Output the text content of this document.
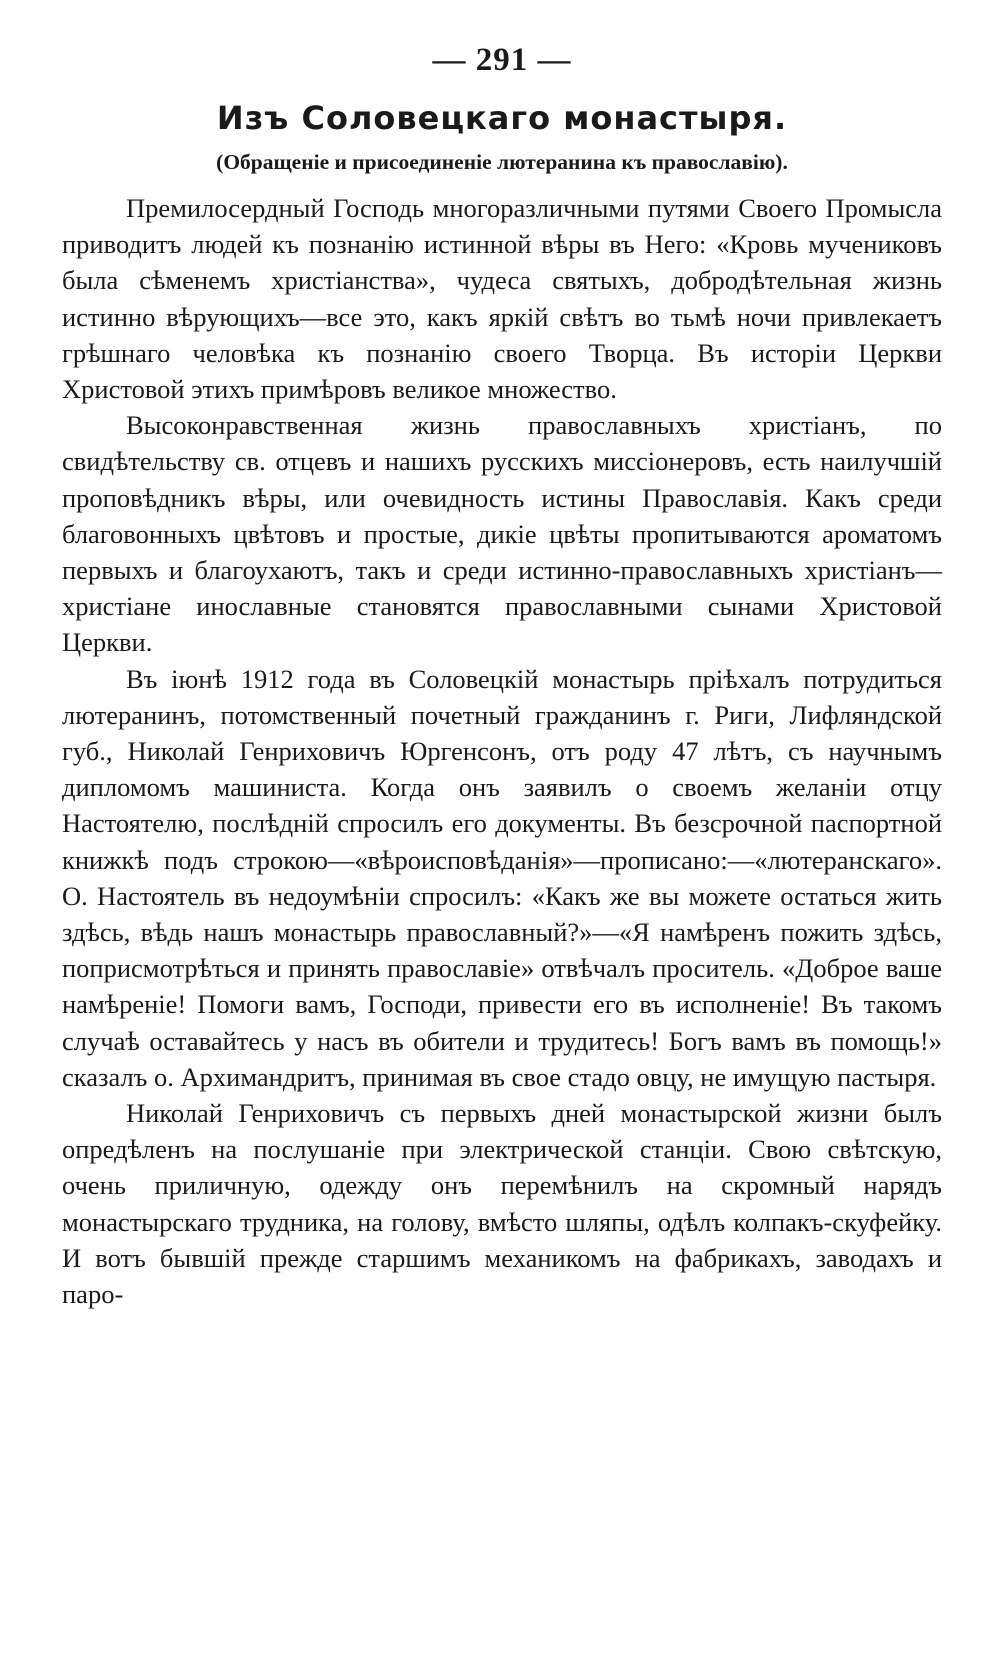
— 291 —
Изъ Соловецкаго монастыря.
(Обращеніе и присоединеніе лютеранина къ православію).

Премилосердный Господь многоразличными путями Своего Промысла приводитъ людей къ познанію истинной вѣры въ Него: «Кровь мучениковъ была сѣменемъ христіанства», чудеса святыхъ, добродѣтельная жизнь истинно вѣрующихъ—все это, какъ яркій свѣтъ во тьмѣ ночи привлекаетъ грѣшнаго человѣка къ познанію своего Творца. Въ исторіи Церкви Христовой этихъ примѣровъ великое множество.

Высоконравственная жизнь православныхъ христіанъ, по свидѣтельству св. отцевъ и нашихъ русскихъ миссіонеровъ, есть наилучшій проповѣдникъ вѣры, или очевидность истины Православія. Какъ среди благовонныхъ цвѣтовъ и простые, дикіе цвѣты пропитываются ароматомъ первыхъ и благоухаютъ, такъ и среди истинно-православныхъ христіанъ—христіане инославные становятся православными сынами Христовой Церкви.

Въ іюнѣ 1912 года въ Соловецкій монастырь пріѣхалъ потрудиться лютеранинъ, потомственный почетный гражданинъ г. Риги, Лифляндской губ., Николай Генриховичъ Юргенсонъ, отъ роду 47 лѣтъ, съ научнымъ дипломомъ машиниста. Когда онъ заявилъ о своемъ желаніи отцу Настоятелю, послѣдній спросилъ его документы. Въ безсрочной паспортной книжкѣ подъ строкою—«вѣроисповѣданія»—прописано:—«лютеранскаго». О. Настоятель въ недоумѣніи спросилъ: «Какъ же вы можете остаться жить здѣсь, вѣдь нашъ монастырь православный?»—«Я намѣренъ пожить здѣсь, поприсмотрѣться и принять православіе» отвѣчалъ проситель. «Доброе ваше намѣреніе! Помоги вамъ, Господи, привести его въ исполненіе! Въ такомъ случаѣ оставайтесь у насъ въ обители и трудитесь! Богъ вамъ въ помощь!» сказалъ о. Архимандритъ, принимая въ свое стадо овцу, не имущую пастыря.

Николай Генриховичъ съ первыхъ дней монастырской жизни былъ опредѣленъ на послушаніе при электрической станціи. Свою свѣтскую, очень приличную, одежду онъ перемѣнилъ на скромный нарядъ монастырскаго трудника, на голову, вмѣсто шляпы, одѣлъ колпакъ-скуфейку. И вотъ бывшій прежде старшимъ механикомъ на фабрикахъ, заводахъ и паро-
